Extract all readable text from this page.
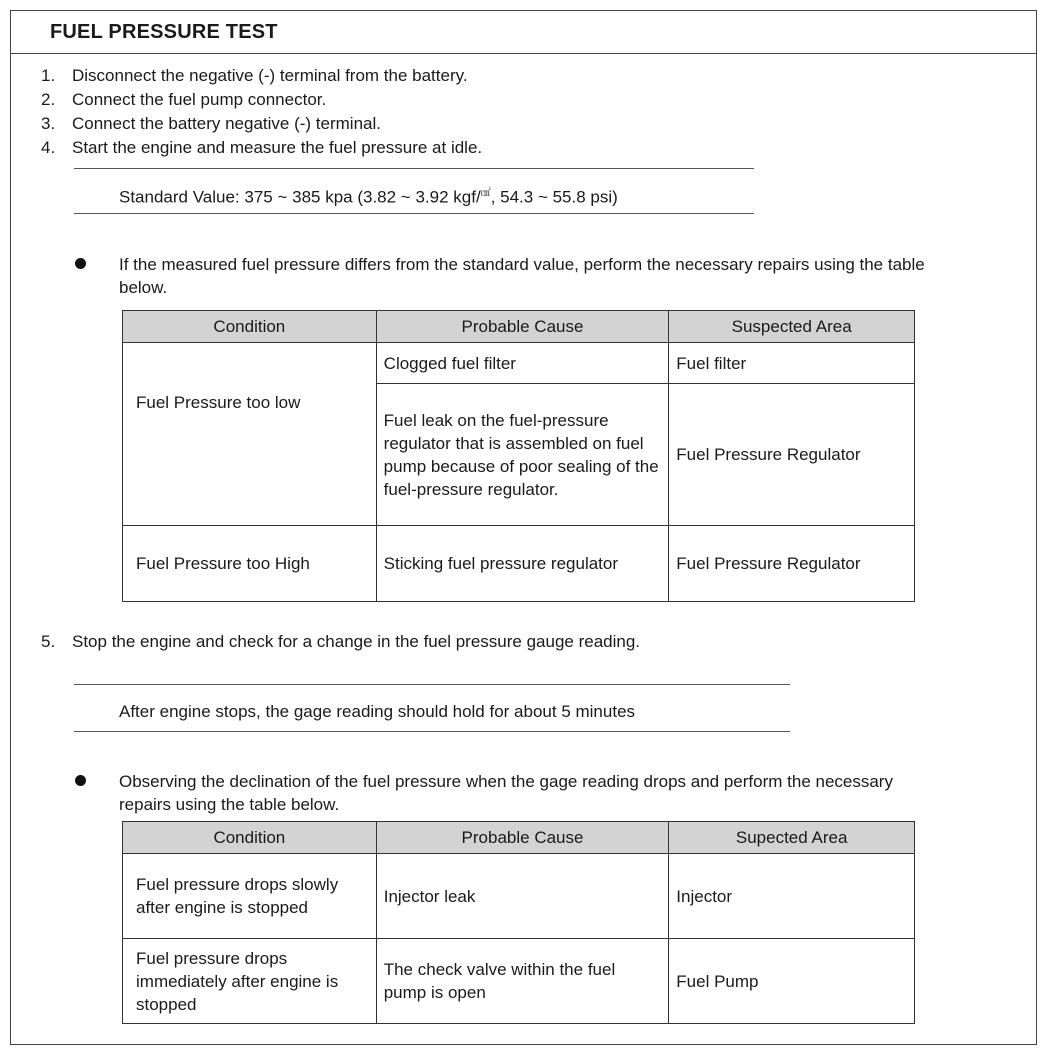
FUEL PRESSURE TEST
1. Disconnect the negative (-) terminal from the battery.
2. Connect the fuel pump connector.
3. Connect the battery negative (-) terminal.
4. Start the engine and measure the fuel pressure at idle.
Standard Value: 375 ~ 385 kpa (3.82 ~ 3.92 kgf/㎠, 54.3 ~ 55.8 psi)
If the measured fuel pressure differs from the standard value, perform the necessary repairs using the table below.
Condition	Probable Cause	Suspected Area
Fuel Pressure too low	Clogged fuel filter	Fuel filter
	Fuel leak on the fuel-pressure regulator that is assembled on fuel pump because of poor sealing of the fuel-pressure regulator.	Fuel Pressure Regulator
Fuel Pressure too High	Sticking fuel pressure regulator	Fuel Pressure Regulator
5. Stop the engine and check for a change in the fuel pressure gauge reading.
After engine stops, the gage reading should hold for about 5 minutes
Observing the declination of the fuel pressure when the gage reading drops and perform the necessary repairs using the table below.
Condition	Probable Cause	Supected Area
Fuel pressure drops slowly after engine is stopped	Injector leak	Injector
Fuel pressure drops immediately after engine is stopped	The check valve within the fuel pump is open	Fuel Pump
